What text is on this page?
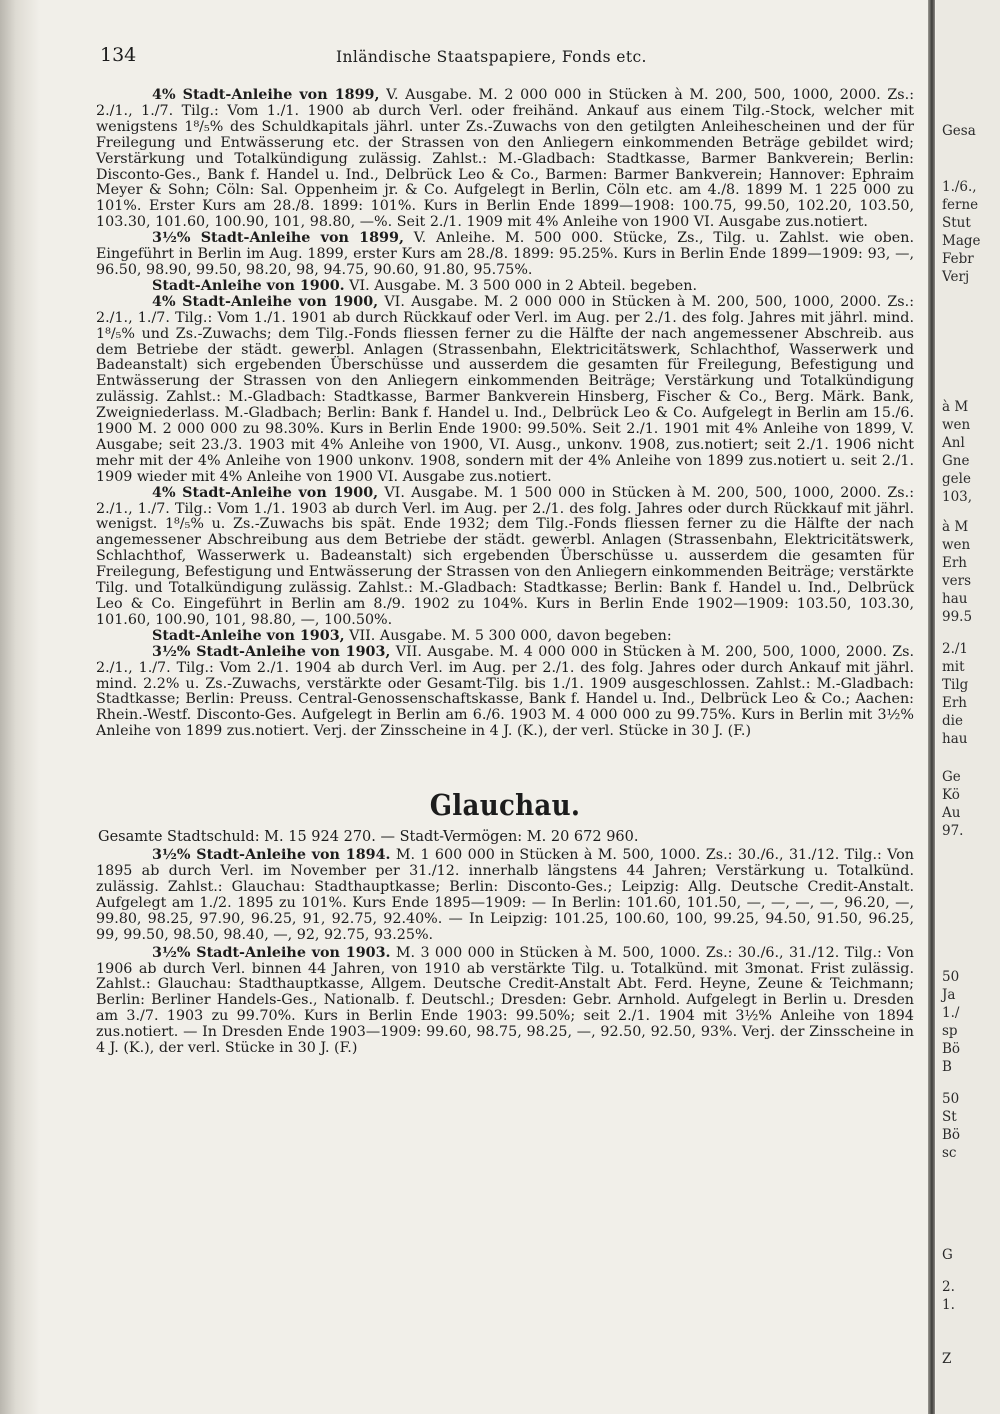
134	Inländische Staatspapiere, Fonds etc.

4% Stadt-Anleihe von 1899, V. Ausgabe. M. 2 000 000 in Stücken à M. 200, 500, 1000, 2000. Zs.: 2./1., 1./7. Tilg.: Vom 1./1. 1900 ab durch Verl. oder freihänd. Ankauf aus einem Tilg.-Stock, welcher mit wenigstens 1⁸/₅% des Schuldkapitals jährl. unter Zs.-Zuwachs von den getilgten Anleihescheinen und der für Freilegung und Entwässerung etc. der Strassen von den Anliegern einkommenden Beträge gebildet wird; Verstärkung und Totalkündigung zulässig. Zahlst.: M.-Gladbach: Stadtkasse, Barmer Bankverein; Berlin: Disconto-Ges., Bank f. Handel u. Ind., Delbrück Leo & Co., Barmen: Barmer Bankverein; Hannover: Ephraim Meyer & Sohn; Cöln: Sal. Oppenheim jr. & Co. Aufgelegt in Berlin, Cöln etc. am 4./8. 1899 M. 1 225 000 zu 101%. Erster Kurs am 28./8. 1899: 101%. Kurs in Berlin Ende 1899—1908: 100.75, 99.50, 102.20, 103.50, 103.30, 101.60, 100.90, 101, 98.80, —%. Seit 2./1. 1909 mit 4% Anleihe von 1900 VI. Ausgabe zus.notiert.

3½% Stadt-Anleihe von 1899, V. Anleihe. M. 500 000. Stücke, Zs., Tilg. u. Zahlst. wie oben. Eingeführt in Berlin im Aug. 1899, erster Kurs am 28./8. 1899: 95.25%. Kurs in Berlin Ende 1899—1909: 93, —, 96.50, 98.90, 99.50, 98.20, 98, 94.75, 90.60, 91.80, 95.75%.

Stadt-Anleihe von 1900. VI. Ausgabe. M. 3 500 000 in 2 Abteil. begeben.

4% Stadt-Anleihe von 1900, VI. Ausgabe. M. 2 000 000 in Stücken à M. 200, 500, 1000, 2000. Zs.: 2./1., 1./7. Tilg.: Vom 1./1. 1901 ab durch Rückkauf oder Verl. im Aug. per 2./1. des folg. Jahres mit jährl. mind. 1⁸/₅% und Zs.-Zuwachs; dem Tilg.-Fonds fliessen ferner zu die Hälfte der nach angemessener Abschreib. aus dem Betriebe der städt. gewerbl. Anlagen (Strassenbahn, Elektricitätswerk, Schlachthof, Wasserwerk und Badeanstalt) sich ergebenden Überschüsse und ausserdem die gesamten für Freilegung, Befestigung und Entwässerung der Strassen von den Anliegern einkommenden Beiträge; Verstärkung und Totalkündigung zulässig. Zahlst.: M.-Gladbach: Stadtkasse, Barmer Bankverein Hinsberg, Fischer & Co., Berg. Märk. Bank, Zweigniederlass. M.-Gladbach; Berlin: Bank f. Handel u. Ind., Delbrück Leo & Co. Aufgelegt in Berlin am 15./6. 1900 M. 2 000 000 zu 98.30%. Kurs in Berlin Ende 1900: 99.50%. Seit 2./1. 1901 mit 4% Anleihe von 1899, V. Ausgabe; seit 23./3. 1903 mit 4% Anleihe von 1900, VI. Ausg., unkonv. 1908, zus.notiert; seit 2./1. 1906 nicht mehr mit der 4% Anleihe von 1900 unkonv. 1908, sondern mit der 4% Anleihe von 1899 zus.notiert u. seit 2./1. 1909 wieder mit 4% Anleihe von 1900 VI. Ausgabe zus.notiert.

4% Stadt-Anleihe von 1900, VI. Ausgabe. M. 1 500 000 in Stücken à M. 200, 500, 1000, 2000. Zs.: 2./1., 1./7. Tilg.: Vom 1./1. 1903 ab durch Verl. im Aug. per 2./1. des folg. Jahres oder durch Rückkauf mit jährl. wenigst. 1⁸/₅% u. Zs.-Zuwachs bis spät. Ende 1932; dem Tilg.-Fonds fliessen ferner zu die Hälfte der nach angemessener Abschreibung aus dem Betriebe der städt. gewerbl. Anlagen (Strassenbahn, Elektricitätswerk, Schlachthof, Wasserwerk u. Badeanstalt) sich ergebenden Überschüsse u. ausserdem die gesamten für Freilegung, Befestigung und Entwässerung der Strassen von den Anliegern einkommenden Beiträge; verstärkte Tilg. und Totalkündigung zulässig. Zahlst.: M.-Gladbach: Stadtkasse; Berlin: Bank f. Handel u. Ind., Delbrück Leo & Co. Eingeführt in Berlin am 8./9. 1902 zu 104%. Kurs in Berlin Ende 1902—1909: 103.50, 103.30, 101.60, 100.90, 101, 98.80, —, 100.50%.

Stadt-Anleihe von 1903, VII. Ausgabe. M. 5 300 000, davon begeben:

3½% Stadt-Anleihe von 1903, VII. Ausgabe. M. 4 000 000 in Stücken à M. 200, 500, 1000, 2000. Zs. 2./1., 1./7. Tilg.: Vom 2./1. 1904 ab durch Verl. im Aug. per 2./1. des folg. Jahres oder durch Ankauf mit jährl. mind. 2.2% u. Zs.-Zuwachs, verstärkte oder Gesamt-Tilg. bis 1./1. 1909 ausgeschlossen. Zahlst.: M.-Gladbach: Stadtkasse; Berlin: Preuss. Central-Genossenschaftskasse, Bank f. Handel u. Ind., Delbrück Leo & Co.; Aachen: Rhein.-Westf. Disconto-Ges. Aufgelegt in Berlin am 6./6. 1903 M. 4 000 000 zu 99.75%. Kurs in Berlin mit 3½% Anleihe von 1899 zus.notiert. Verj. der Zinsscheine in 4 J. (K.), der verl. Stücke in 30 J. (F.)

Glauchau.

Gesamte Stadtschuld: M. 15 924 270. — Stadt-Vermögen: M. 20 672 960.

3½% Stadt-Anleihe von 1894. M. 1 600 000 in Stücken à M. 500, 1000. Zs.: 30./6., 31./12. Tilg.: Von 1895 ab durch Verl. im November per 31./12. innerhalb längstens 44 Jahren; Verstärkung u. Totalkünd. zulässig. Zahlst.: Glauchau: Stadthauptkasse; Berlin: Disconto-Ges.; Leipzig: Allg. Deutsche Credit-Anstalt. Aufgelegt am 1./2. 1895 zu 101%. Kurs Ende 1895—1909: — In Berlin: 101.60, 101.50, —, —, —, —, 96.20, —, 99.80, 98.25, 97.90, 96.25, 91, 92.75, 92.40%. — In Leipzig: 101.25, 100.60, 100, 99.25, 94.50, 91.50, 96.25, 99, 99.50, 98.50, 98.40, —, 92, 92.75, 93.25%.

3½% Stadt-Anleihe von 1903. M. 3 000 000 in Stücken à M. 500, 1000. Zs.: 30./6., 31./12. Tilg.: Von 1906 ab durch Verl. binnen 44 Jahren, von 1910 ab verstärkte Tilg. u. Totalkünd. mit 3monat. Frist zulässig. Zahlst.: Glauchau: Stadthauptkasse, Allgem. Deutsche Credit-Anstalt Abt. Ferd. Heyne, Zeune & Teichmann; Berlin: Berliner Handels-Ges., Nationalb. f. Deutschl.; Dresden: Gebr. Arnhold. Aufgelegt in Berlin u. Dresden am 3./7. 1903 zu 99.70%. Kurs in Berlin Ende 1903: 99.50%; seit 2./1. 1904 mit 3½% Anleihe von 1894 zus.notiert. — In Dresden Ende 1903—1909: 99.60, 98.75, 98.25, —, 92.50, 92.50, 93%. Verj. der Zinsscheine in 4 J. (K.), der verl. Stücke in 30 J. (F.)

Gesa
1./6.,
ferne
Stut
Mage
Febr
Verj
à M
wen
Anl
Gne
gele
103,
à M
wen
Erh
vers
hau
99.5
2./1
mit
Tilg
Erh
die
hau
Ge
Kö
Au
97.
50
Ja
1./
sp
Bö
B
50
St
Bö
sc
G
2.
1.
Z
